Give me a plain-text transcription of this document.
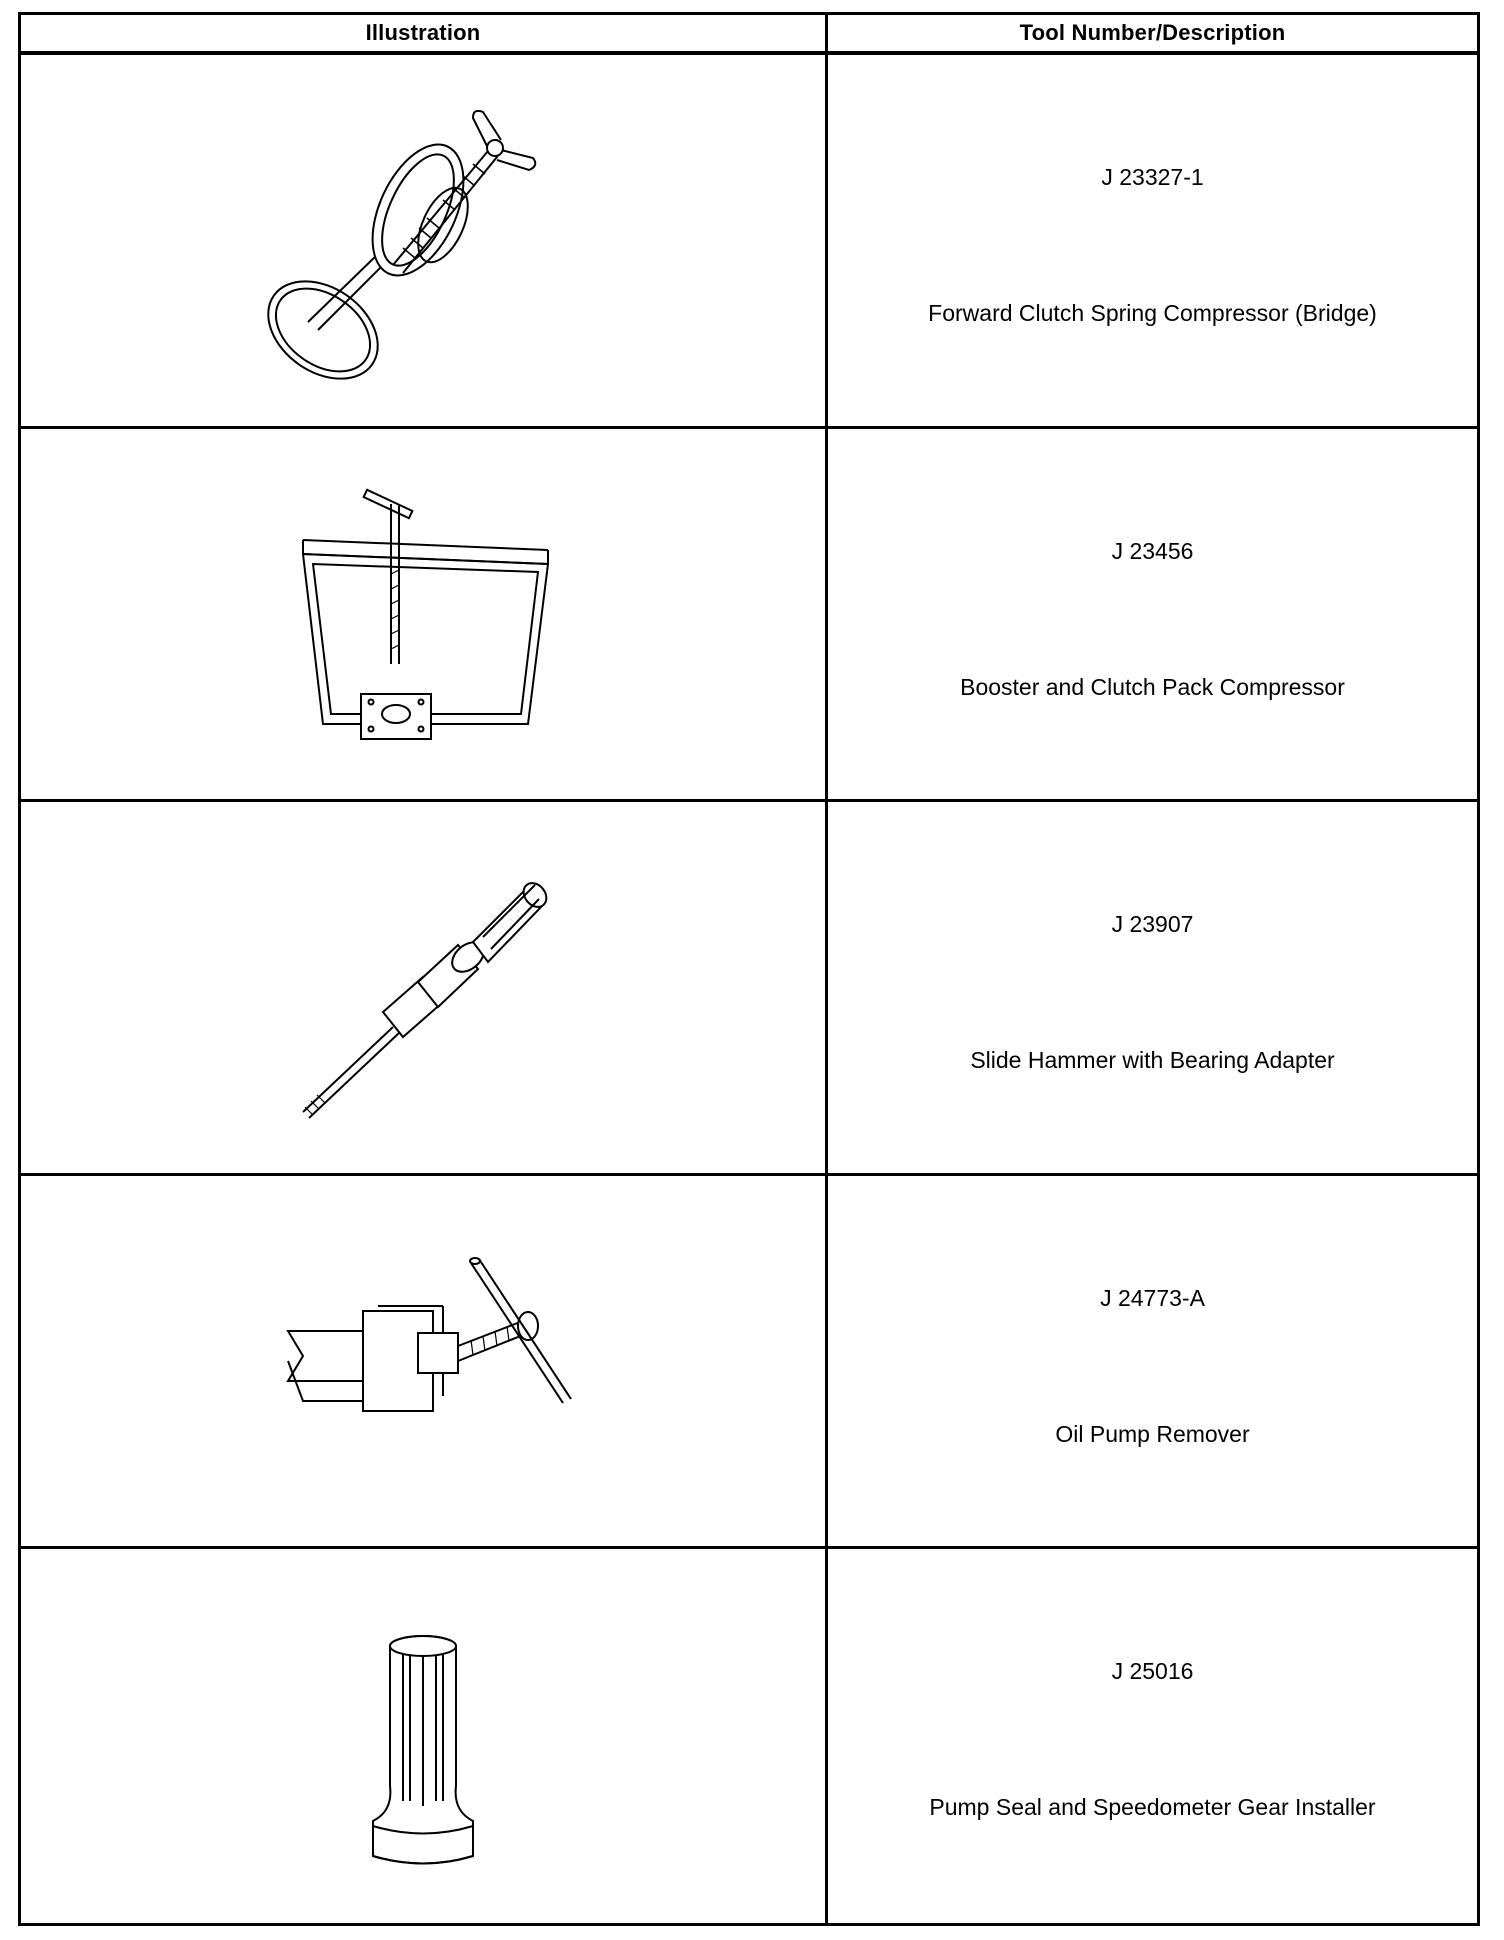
Illustration	Tool Number/Description
J 23327-1
Forward Clutch Spring Compressor (Bridge)
J 23456
Booster and Clutch Pack Compressor
J 23907
Slide Hammer with Bearing Adapter
J 24773-A
Oil Pump Remover
J 25016
Pump Seal and Speedometer Gear Installer
